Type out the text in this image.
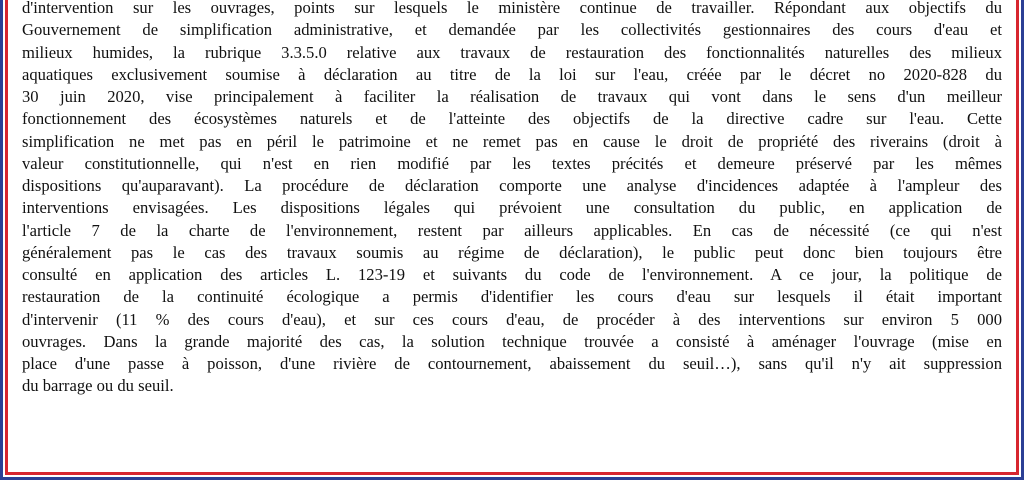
d'intervention sur les ouvrages, points sur lesquels le ministère continue de travailler. Répondant aux objectifs du
Gouvernement de simplification administrative, et demandée par les collectivités gestionnaires des cours d'eau et
milieux humides, la rubrique 3.3.5.0 relative aux travaux de restauration des fonctionnalités naturelles des milieux
aquatiques exclusivement soumise à déclaration au titre de la loi sur l'eau, créée par le décret no 2020-828 du
30 juin 2020, vise principalement à faciliter la réalisation de travaux qui vont dans le sens d'un meilleur
fonctionnement des écosystèmes naturels et de l'atteinte des objectifs de la directive cadre sur l'eau. Cette
simplification ne met pas en péril le patrimoine et ne remet pas en cause le droit de propriété des riverains (droit à
valeur constitutionnelle, qui n'est en rien modifié par les textes précités et demeure préservé par les mêmes
dispositions qu'auparavant). La procédure de déclaration comporte une analyse d'incidences adaptée à l'ampleur des
interventions envisagées. Les dispositions légales qui prévoient une consultation du public, en application de
l'article 7 de la charte de l'environnement, restent par ailleurs applicables. En cas de nécessité (ce qui n'est
généralement pas le cas des travaux soumis au régime de déclaration), le public peut donc bien toujours être
consulté en application des articles L. 123-19 et suivants du code de l'environnement. A ce jour, la politique de
restauration de la continuité écologique a permis d'identifier les cours d'eau sur lesquels il était important
d'intervenir (11 % des cours d'eau), et sur ces cours d'eau, de procéder à des interventions sur environ 5 000
ouvrages. Dans la grande majorité des cas, la solution technique trouvée a consisté à aménager l'ouvrage (mise en
place d'une passe à poisson, d'une rivière de contournement, abaissement du seuil…), sans qu'il n'y ait suppression
du barrage ou du seuil.
